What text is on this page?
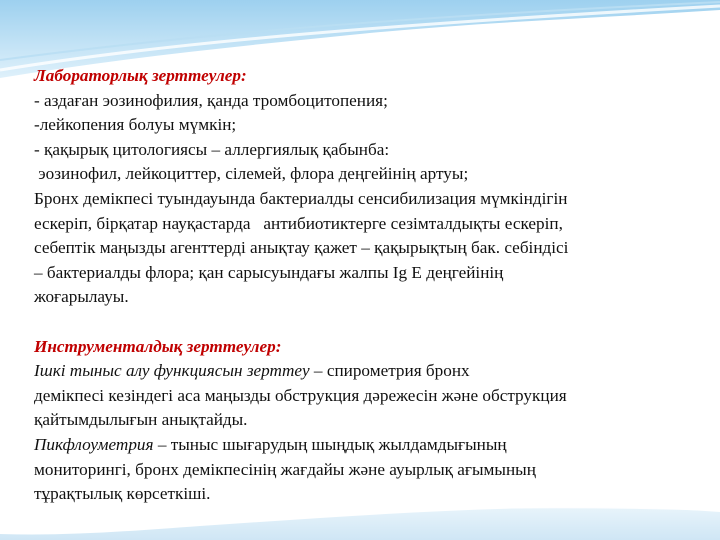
Лабораторлық зерттеулер:
- аздаған эозинофилия, қанда тромбоцитопения;
-лейкопения болуы мүмкін;
- қақырық цитологиясы – аллергиялық қабынба:
эозинофил, лейкоциттер, сілемей, флора деңгейінің артуы;
Бронх демікпесі туындауында бактериалды сенсибилизация мүмкіндігін
ескеріп, бірқатар науқастарда   антибиотиктерге сезімталдықты ескеріп,
себептік маңызды агенттерді анықтау қажет – қақырықтың бак. себіндісі
– бактериалды флора; қан сарысуындағы жалпы Ig E деңгейінің
жоғарылауы.
Инструменталдық зерттеулер:
Ішкі тыныс алу функциясын зерттеу – спирометрия бронх
демікпесі кезіндегі аса маңызды обструкция дәрежесін және обструкция
қайтымдылығын анықтайды.
Пикфлоуметрия – тыныс шығарудың шыңдық жылдамдығының
мониторингі, бронх демікпесінің жағдайы және ауырлық ағымының
тұрақтылық көрсеткіші.
